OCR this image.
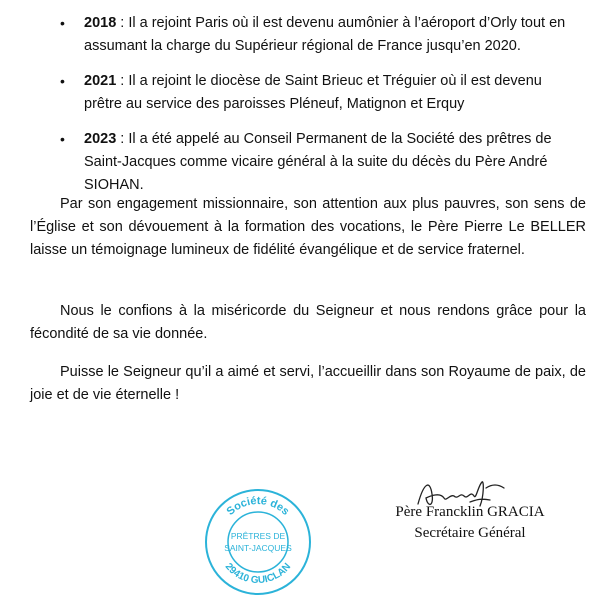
• 2018 : Il a rejoint Paris où il est devenu aumônier à l’aéroport d’Orly tout en assumant la charge du Supérieur régional de France jusqu’en 2020.
• 2021 : Il a rejoint le diocèse de Saint Brieuc et Tréguier où il est devenu prêtre au service des paroisses Pléneuf, Matignon et Erquy
• 2023 : Il a été appelé au Conseil Permanent de la Société des prêtres de Saint-Jacques comme vicaire général à la suite du décès du Père André SIOHAN.

Par son engagement missionnaire, son attention aux plus pauvres, son sens de l’Église et son dévouement à la formation des vocations, le Père Pierre Le BELLER laisse un témoignage lumineux de fidélité évangélique et de service fraternel.

Nous le confions à la miséricorde du Seigneur et nous rendons grâce pour la fécondité de sa vie donnée.

Puisse le Seigneur qu’il a aimé et servi, l’accueillir dans son Royaume de paix, de joie et de vie éternelle !

Société des
29410 GUICLAN
PRÊTRES DE
SAINT-JACQUES
Père Francklin GRACIA
Secrétaire Général
